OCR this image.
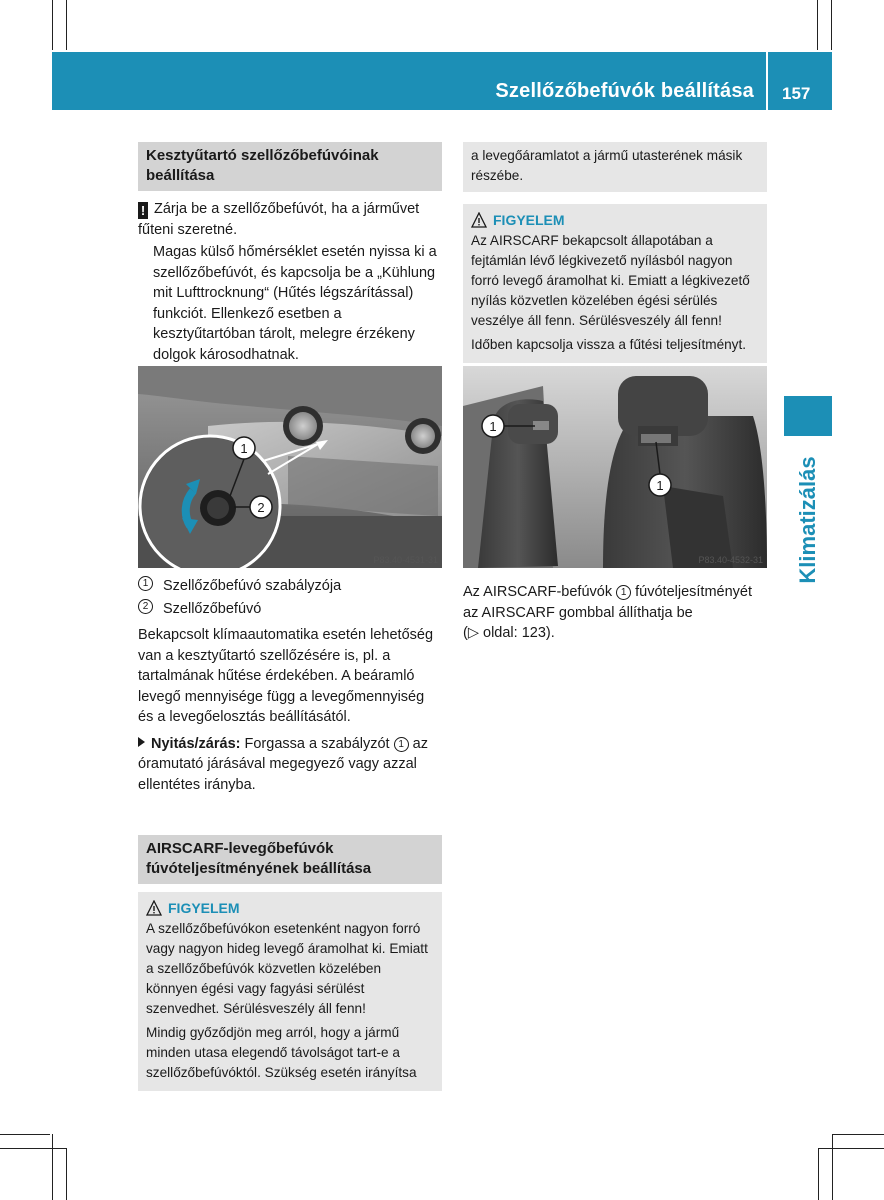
Szellőzőbefúvók beállítása 157
Klimatizálás
Kesztyűtartó szellőzőbefúvóinak beállítása

! Zárja be a szellőzőbefúvót, ha a járművet fűteni szeretné.

Magas külső hőmérséklet esetén nyissa ki a szellőzőbefúvót, és kapcsolja be a „Kühlung mit Lufttrocknung“ (Hűtés légszárítással) funkciót. Ellenkező esetben a kesztyűtartóban tárolt, melegre érzékeny dolgok károsodhatnak.

1
2
P83.40-4531-31
1	Szellőzőbefúvó szabályzója

2	Szellőzőbefúvó

Bekapcsolt klímaautomatika esetén lehetőség van a kesztyűtartó szellőzésére is, pl. a tartalmának hűtése érdekében. A beáramló levegő mennyisége függ a levegőmennyiség és a levegőelosztás beállításától.

Nyitás/zárás: Forgassa a szabályzót 1 az óramutató járásával megegyező vagy azzal ellentétes irányba.

AIRSCARF-levegőbefúvók fúvóteljesítményének beállítása
FIGYELEM

A szellőzőbefúvókon esetenként nagyon forró vagy nagyon hideg levegő áramolhat ki. Emiatt a szellőzőbefúvók közvetlen közelében könnyen égési vagy fagyási sérülést szenvedhet. Sérülésveszély áll fenn!

Mindig győződjön meg arról, hogy a jármű minden utasa elegendő távolságot tart-e a szellőzőbefúvóktól. Szükség esetén irányítsa

a levegőáramlatot a jármű utasterének másik részébe.

FIGYELEM

Az AIRSCARF bekapcsolt állapotában a fejtámlán lévő légkivezető nyílásból nagyon forró levegő áramolhat ki. Emiatt a légkivezető nyílás közvetlen közelében égési sérülés veszélye áll fenn. Sérülésveszély áll fenn!

Időben kapcsolja vissza a fűtési teljesítményt.

1
1
P83.40-4532-31

Az AIRSCARF-befúvók 1 fúvóteljesítményét az AIRSCARF gombbal állíthatja be
(▷ oldal: 123).
